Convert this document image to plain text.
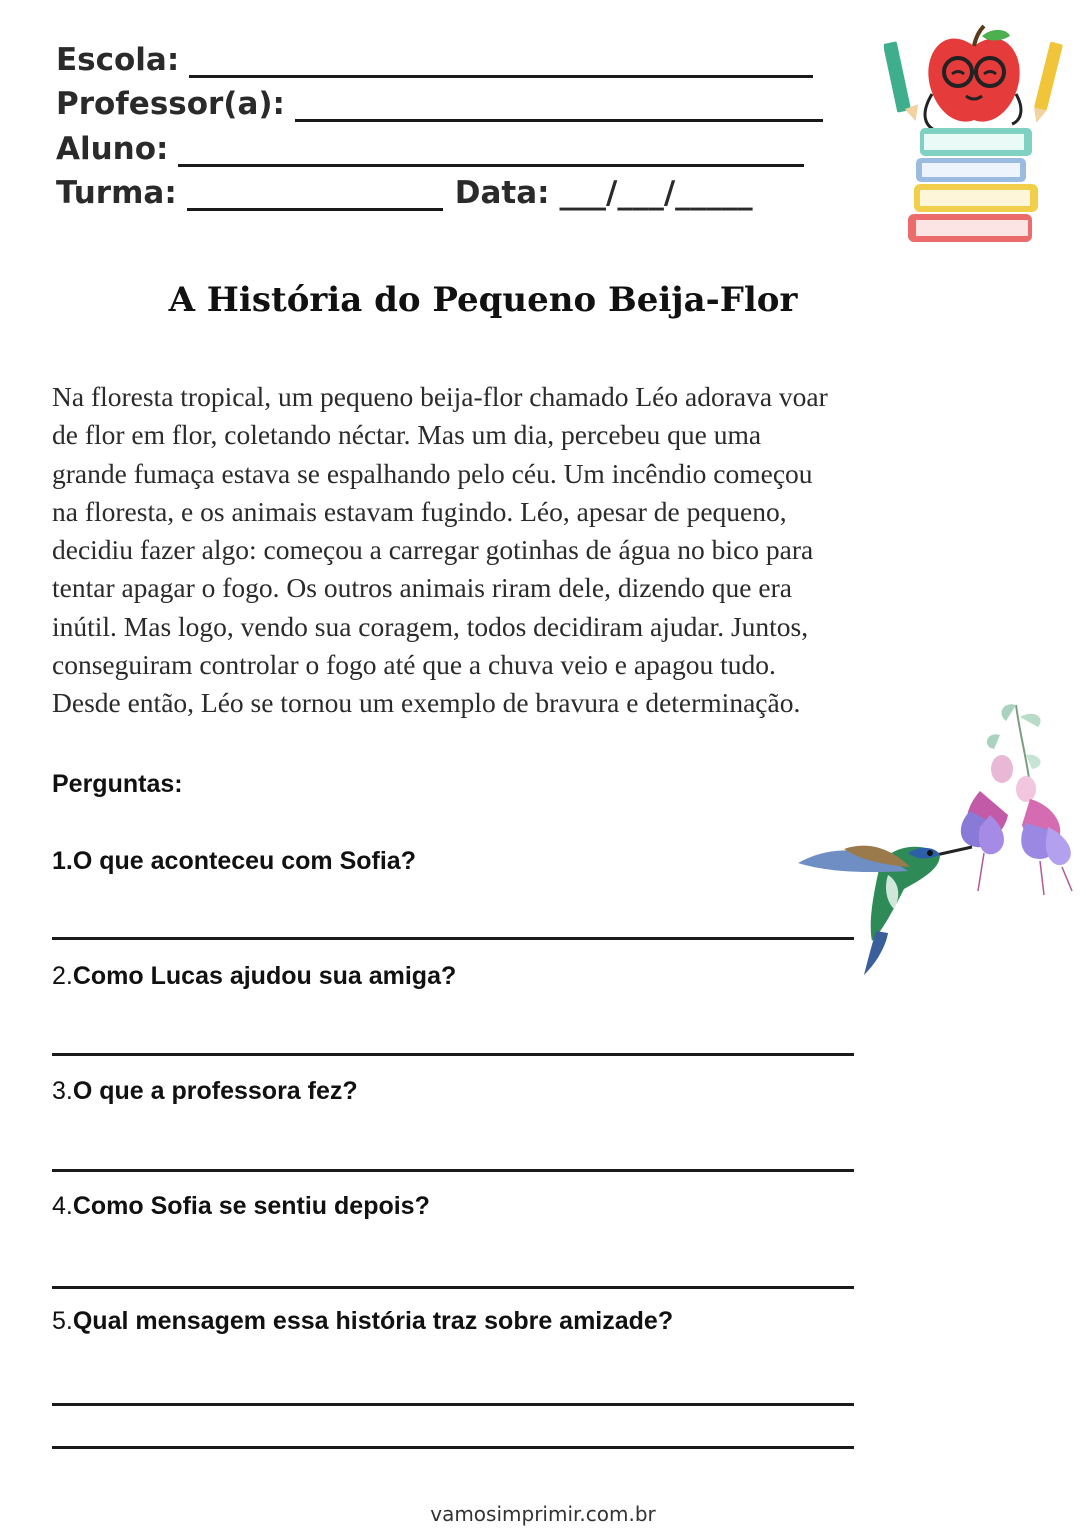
Escola:
Professor(a):
Aluno:
Turma:	Data: ___/ ___/ _____
A História do Pequeno Beija-Flor
Na floresta tropical, um pequeno beija-flor chamado Léo adorava voar
de flor em flor, coletando néctar. Mas um dia, percebeu que uma
grande fumaça estava se espalhando pelo céu. Um incêndio começou
na floresta, e os animais estavam fugindo. Léo, apesar de pequeno,
decidiu fazer algo: começou a carregar gotinhas de água no bico para
tentar apagar o fogo. Os outros animais riram dele, dizendo que era
inútil. Mas logo, vendo sua coragem, todos decidiram ajudar. Juntos,
conseguiram controlar o fogo até que a chuva veio e apagou tudo.
Desde então, Léo se tornou um exemplo de bravura e determinação.
Perguntas:
1.O que aconteceu com Sofia?
2.Como Lucas ajudou sua amiga?
3.O que a professora fez?
4.Como Sofia se sentiu depois?
5.Qual mensagem essa história traz sobre amizade?
vamosimprimir.com.br
